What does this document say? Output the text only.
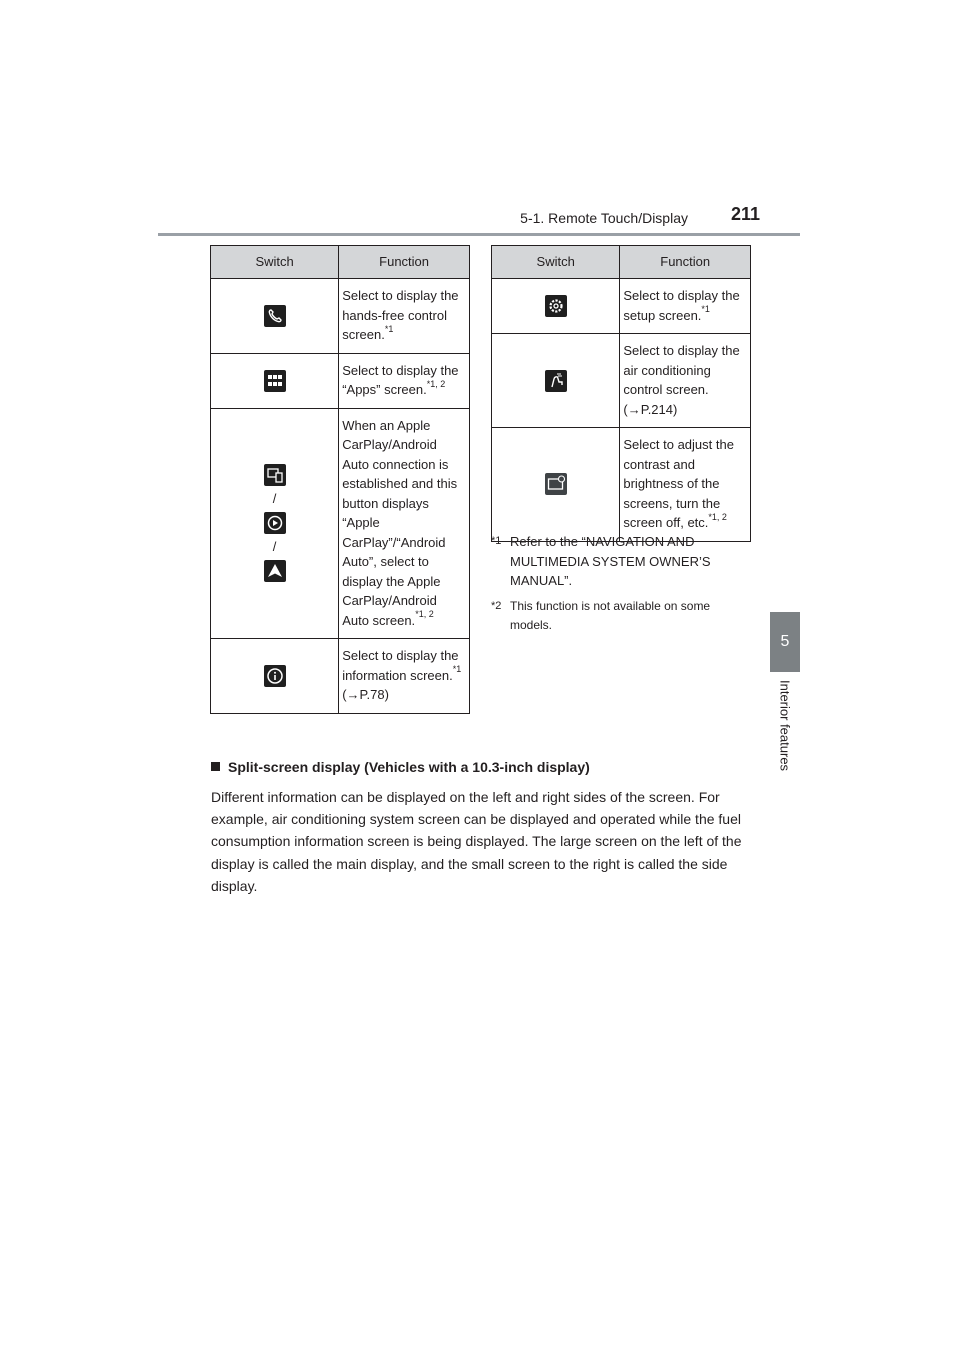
5-1. Remote Touch/Display 211
5
Interior features
Switch	Function
	Select to display the hands-free control screen.$^{*1}$
	Select to display the “Apps” screen.$^{*1, 2}$

/
/	When an Apple CarPlay/Android Auto connection is established and this button displays “Apple CarPlay”/“Android Auto”, select to display the Apple CarPlay/Android Auto screen.$^{*1, 2}$
	Select to display the information screen.$^{*1}$
(→P.78)
Switch	Function
	Select to display the setup screen.$^{*1}$
	Select to display the air conditioning control screen.
(→P.214)
	Select to adjust the contrast and brightness of the screens, turn the screen off, etc.$^{*1, 2}$
*1 Refer to the “NAVIGATION AND MULTIMEDIA SYSTEM OWNER’S MANUAL”.
*2 This function is not available on some models.
Split-screen display (Vehicles with a 10.3-inch display)

Different information can be displayed on the left and right sides of the screen. For example, air conditioning system screen can be displayed and operated while the fuel consumption information screen is being displayed. The large screen on the left of the display is called the main display, and the small screen to the right is called the side display.
